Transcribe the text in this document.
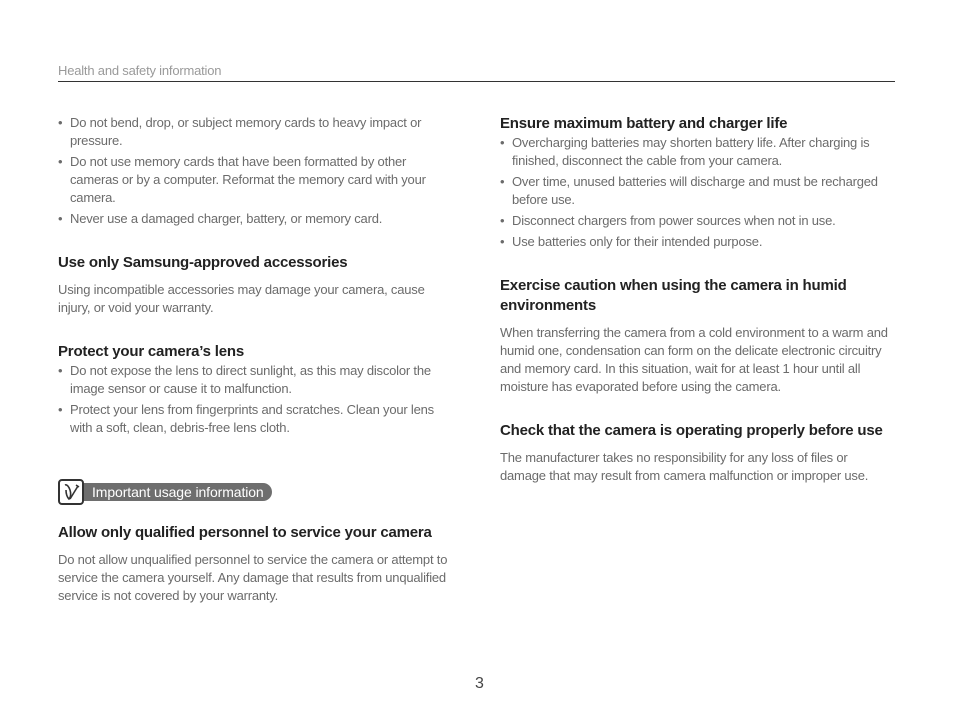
Health and safety information
• Do not bend, drop, or subject memory cards to heavy impact or pressure.
• Do not use memory cards that have been formatted by other cameras or by a computer. Reformat the memory card with your camera.
• Never use a damaged charger, battery, or memory card.
Use only Samsung-approved accessories

Using incompatible accessories may damage your camera, cause injury, or void your warranty.

Protect your camera’s lens
• Do not expose the lens to direct sunlight, as this may discolor the image sensor or cause it to malfunction.
• Protect your lens from fingerprints and scratches. Clean your lens with a soft, clean, debris-free lens cloth.
Important usage information
Allow only qualified personnel to service your camera

Do not allow unqualified personnel to service the camera or attempt to service the camera yourself. Any damage that results from unqualified service is not covered by your warranty.

Ensure maximum battery and charger life
• Overcharging batteries may shorten battery life. After charging is finished, disconnect the cable from your camera.
• Over time, unused batteries will discharge and must be recharged before use.
• Disconnect chargers from power sources when not in use.
• Use batteries only for their intended purpose.
Exercise caution when using the camera in humid environments

When transferring the camera from a cold environment to a warm and humid one, condensation can form on the delicate electronic circuitry and memory card. In this situation, wait for at least 1 hour until all moisture has evaporated before using the camera.

Check that the camera is operating properly before use

The manufacturer takes no responsibility for any loss of files or damage that may result from camera malfunction or improper use.

3
